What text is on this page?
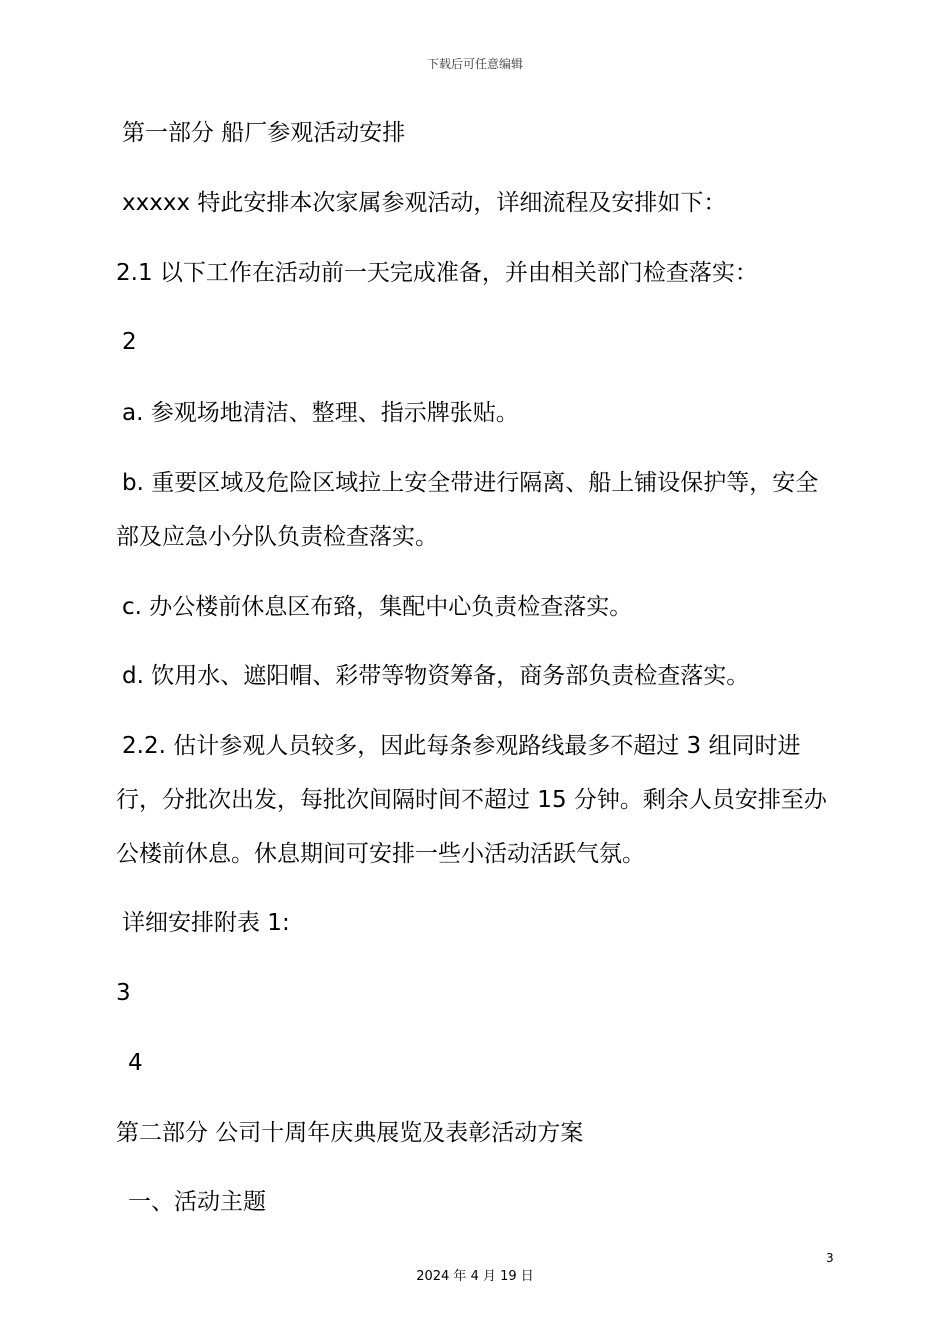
下载后可任意编辑
第一部分 船厂参观活动安排
xxxxx 特此安排本次家属参观活动，详细流程及安排如下：
2.1 以下工作在活动前一天完成准备，并由相关部门检查落实：
2
a. 参观场地清洁、整理、指示牌张贴。
b. 重要区域及危险区域拉上安全带进行隔离、船上铺设保护等，安全
部及应急小分队负责检查落实。
c. 办公楼前休息区布臵，集配中心负责检查落实。
d. 饮用水、遮阳帽、彩带等物资筹备，商务部负责检查落实。
2.2. 估计参观人员较多，因此每条参观路线最多不超过 3 组同时进
行，分批次出发，每批次间隔时间不超过 15 分钟。剩余人员安排至办
公楼前休息。休息期间可安排一些小活动活跃气氛。
详细安排附表 1:
3
4
第二部分 公司十周年庆典展览及表彰活动方案
一、活动主题
3
2024 年 4 月 19 日
